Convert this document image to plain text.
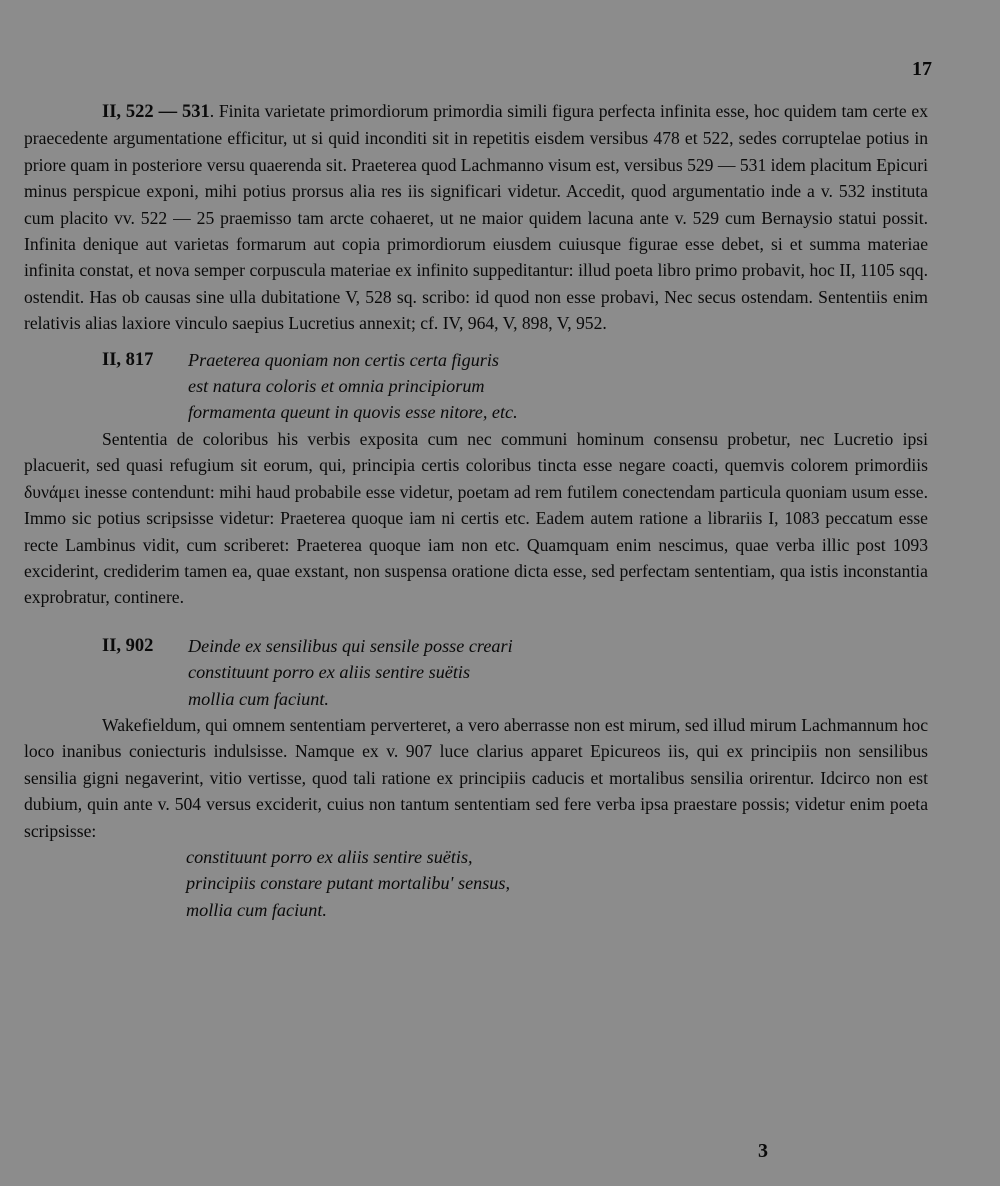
17

II, 522 — 531. Finita varietate primordiorum primordia simili figura perfecta infinita esse, hoc quidem tam certe ex praecedente argumentatione efficitur, ut si quid inconditi sit in repetitis eisdem versibus 478 et 522, sedes corruptelae potius in priore quam in posteriore versu quaerenda sit. Praeterea quod Lachmanno visum est, versibus 529 — 531 idem placitum Epicuri minus perspicue exponi, mihi potius prorsus alia res iis significari videtur. Accedit, quod argumentatio inde a v. 532 instituta cum placito vv. 522 — 25 praemisso tam arcte cohaeret, ut ne maior quidem lacuna ante v. 529 cum Bernaysio statui possit. Infinita denique aut varietas formarum aut copia primordiorum eiusdem cuiusque figurae esse debet, si et summa materiae infinita constat, et nova semper corpuscula materiae ex infinito suppeditantur: illud poeta libro primo probavit, hoc II, 1105 sqq. ostendit. Has ob causas sine ulla dubitatione V, 528 sq. scribo: id quod non esse probavi, Nec secus ostendam. Sententiis enim relativis alias laxiore vinculo saepius Lucretius annexit; cf. IV, 964, V, 898, V, 952.

II, 817	Praeterea quoniam non certis certa figuris
est natura coloris et omnia principiorum
formamenta queunt in quovis esse nitore, etc.

Sententia de coloribus his verbis exposita cum nec communi hominum consensu probetur, nec Lucretio ipsi placuerit, sed quasi refugium sit eorum, qui, principia certis coloribus tincta esse negare coacti, quemvis colorem primordiis δυνάμει inesse contendunt: mihi haud probabile esse videtur, poetam ad rem futilem conectendam particula quoniam usum esse. Immo sic potius scripsisse videtur: Praeterea quoque iam ni certis etc. Eadem autem ratione a librariis I, 1083 peccatum esse recte Lambinus vidit, cum scriberet: Praeterea quoque iam non etc. Quamquam enim nescimus, quae verba illic post 1093 exciderint, crediderim tamen ea, quae exstant, non suspensa oratione dicta esse, sed perfectam sententiam, qua istis inconstantia exprobratur, continere.

II, 902	Deinde ex sensilibus qui sensile posse creari
constituunt porro ex aliis sentire suëtis
mollia cum faciunt.

Wakefieldum, qui omnem sententiam perverteret, a vero aberrasse non est mirum, sed illud mirum Lachmannum hoc loco inanibus coniecturis indulsisse. Namque ex v. 907 luce clarius apparet Epicureos iis, qui ex principiis non sensilibus sensilia gigni negaverint, vitio vertisse, quod tali ratione ex principiis caducis et mortalibus sensilia orirentur. Idcirco non est dubium, quin ante v. 504 versus exciderit, cuius non tantum sententiam sed fere verba ipsa praestare possis; videtur enim poeta scripsisse:

constituunt porro ex aliis sentire suëtis,
principiis constare putant mortalibu' sensus,
mollia cum faciunt.
3
